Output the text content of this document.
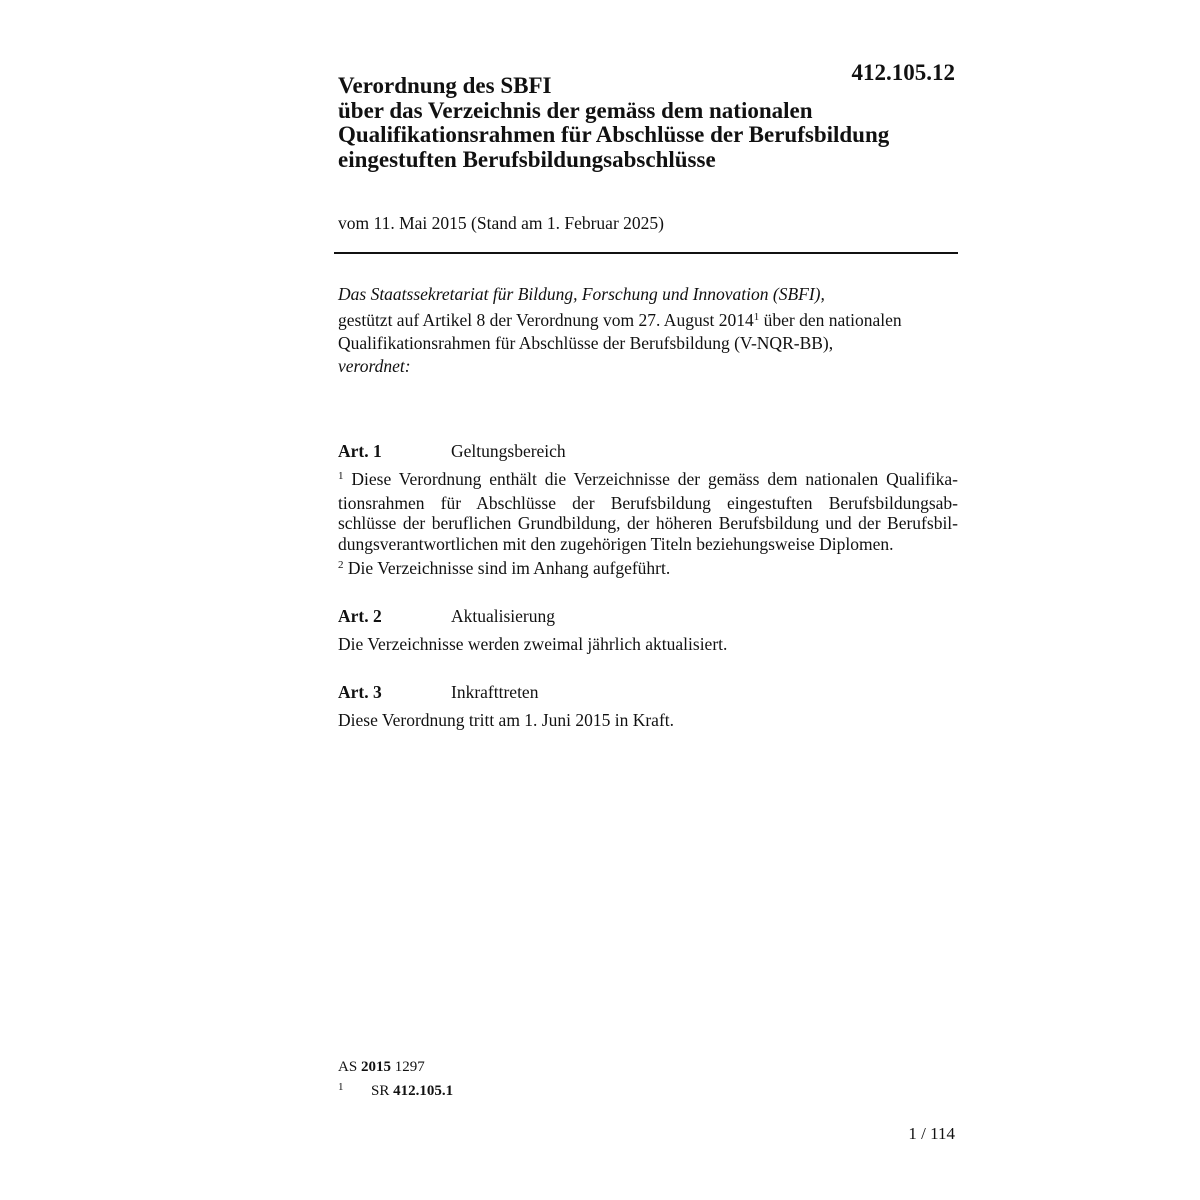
412.105.12
Verordnung des SBFI
über das Verzeichnis der gemäss dem nationalen
Qualifikationsrahmen für Abschlüsse der Berufsbildung
eingestuften Berufsbildungsabschlüsse
vom 11. Mai 2015 (Stand am 1. Februar 2025)
Das Staatssekretariat für Bildung, Forschung und Innovation (SBFI),
gestützt auf Artikel 8 der Verordnung vom 27. August 2014$^1$ über den nationalen
Qualifikationsrahmen für Abschlüsse der Berufsbildung (V-NQR-BB),
verordnet:
Art. 1	Geltungsbereich
$^1$ Diese Verordnung enthält die Verzeichnisse der gemäss dem nationalen Qualifika-
tionsrahmen für Abschlüsse der Berufsbildung eingestuften Berufsbildungsab-
schlüsse der beruflichen Grundbildung, der höheren Berufsbildung und der Berufsbil-
dungsverantwortlichen mit den zugehörigen Titeln beziehungsweise Diplomen.
$^2$ Die Verzeichnisse sind im Anhang aufgeführt.
Art. 2	Aktualisierung
Die Verzeichnisse werden zweimal jährlich aktualisiert.
Art. 3	Inkrafttreten
Diese Verordnung tritt am 1. Juni 2015 in Kraft.
AS 2015 1297
1 SR 412.105.1
1 / 114
